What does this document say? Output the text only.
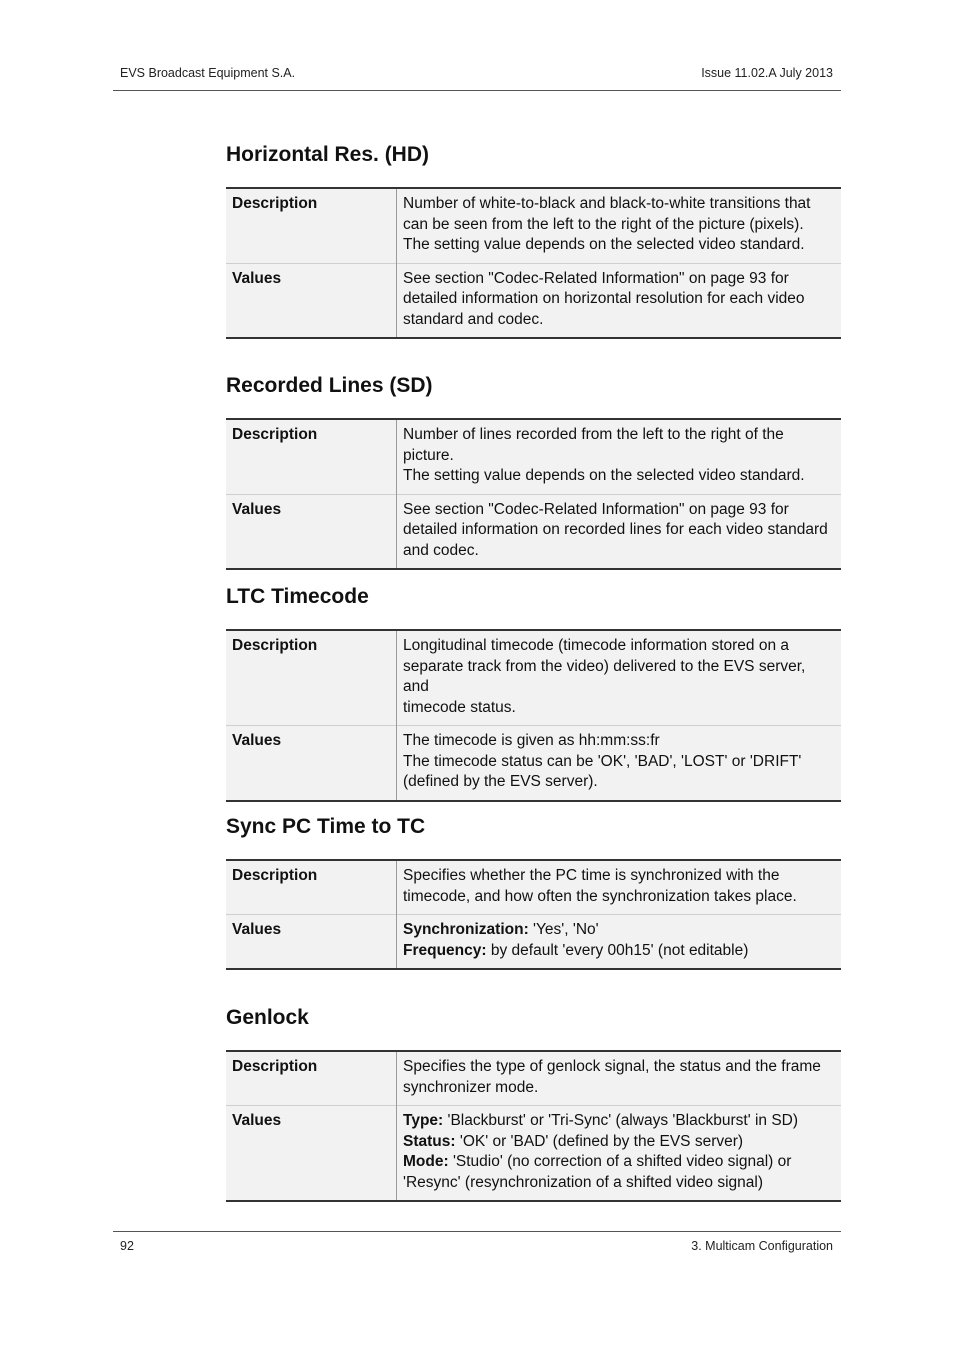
EVS Broadcast Equipment S.A.	Issue 11.02.A July 2013
Horizontal Res. (HD)
Description	Number of white-to-black and black-to-white transitions that
can be seen from the left to the right of the picture (pixels).
The setting value depends on the selected video standard.

Values	See section "Codec-Related Information" on page 93 for
detailed information on horizontal resolution for each video
standard and codec.
Recorded Lines (SD)
Description	Number of lines recorded from the left to the right of the picture.
The setting value depends on the selected video standard.

Values	See section "Codec-Related Information" on page 93 for
detailed information on recorded lines for each video standard
and codec.
LTC Timecode
Description	Longitudinal timecode (timecode information stored on a
separate track from the video) delivered to the EVS server, and
timecode status.

Values	The timecode is given as hh:mm:ss:fr
The timecode status can be 'OK', 'BAD', 'LOST' or 'DRIFT'
(defined by the EVS server).
Sync PC Time to TC
Description	Specifies whether the PC time is synchronized with the
timecode, and how often the synchronization takes place.

Values	Synchronization: 'Yes', 'No'
Frequency: by default 'every 00h15' (not editable)
Genlock
Description	Specifies the type of genlock signal, the status and the frame
synchronizer mode.

Values	Type: 'Blackburst' or 'Tri-Sync' (always 'Blackburst' in SD)
Status: 'OK' or 'BAD' (defined by the EVS server)
Mode: 'Studio' (no correction of a shifted video signal) or
'Resync' (resynchronization of a shifted video signal)
92	3. Multicam Configuration
